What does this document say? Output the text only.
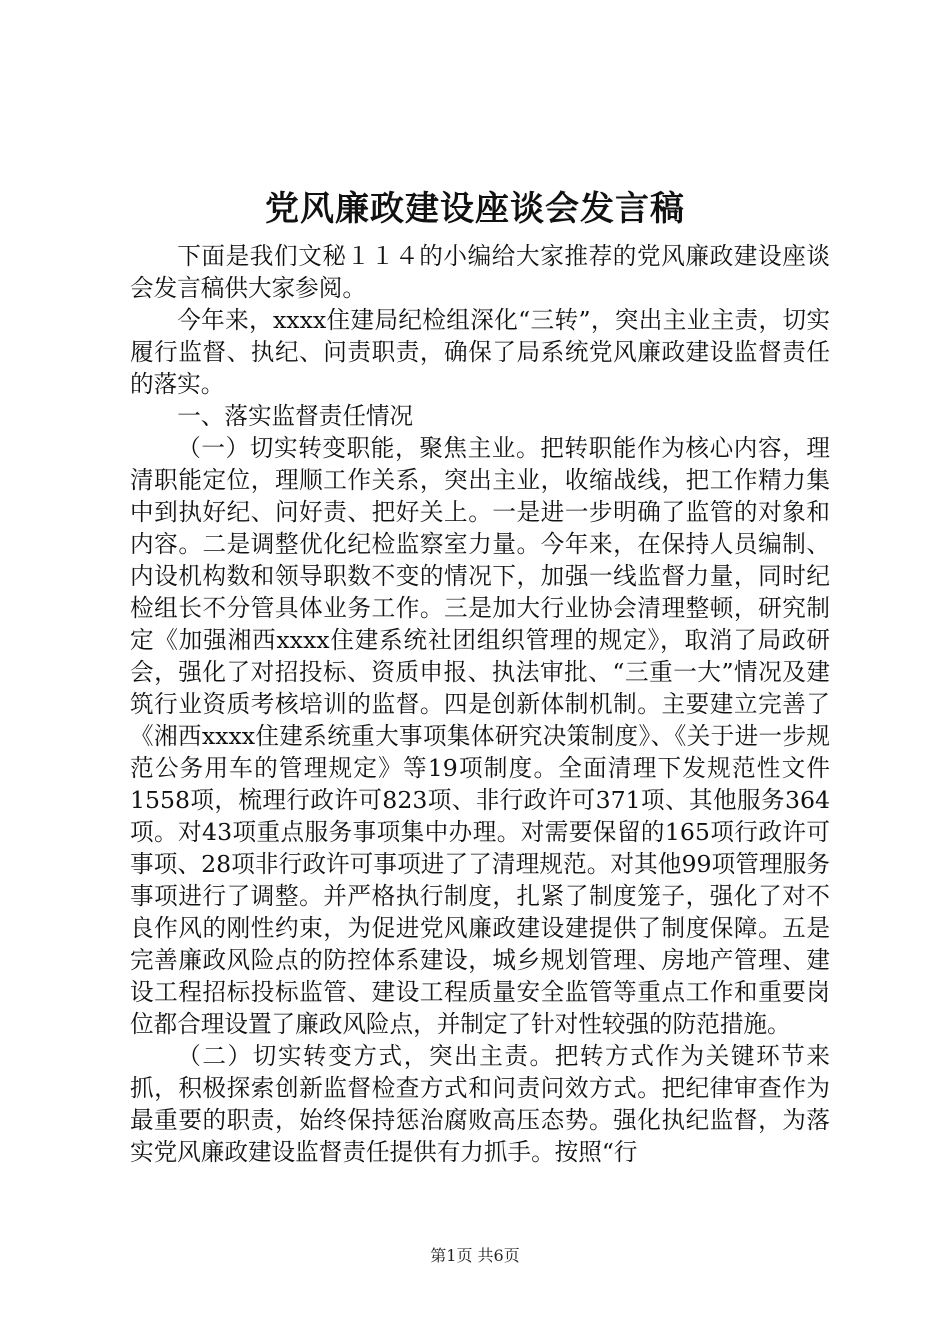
党风廉政建设座谈会发言稿

下面是我们文秘１１４的小编给大家推荐的党风廉政建设座谈会发言稿供大家参阅。

今年来，xxxx住建局纪检组深化“三转”，突出主业主责，切实履行监督、执纪、问责职责，确保了局系统党风廉政建设监督责任的落实。

一、落实监督责任情况

（一）切实转变职能，聚焦主业。把转职能作为核心内容，理清职能定位，理顺工作关系，突出主业，收缩战线，把工作精力集中到执好纪、问好责、把好关上。一是进一步明确了监管的对象和内容。二是调整优化纪检监察室力量。今年来，在保持人员编制、内设机构数和领导职数不变的情况下，加强一线监督力量，同时纪检组长不分管具体业务工作。三是加大行业协会清理整顿，研究制定《加强湘西xxxx住建系统社团组织管理的规定》，取消了局政研会，强化了对招投标、资质申报、执法审批、“三重一大”情况及建筑行业资质考核培训的监督。四是创新体制机制。主要建立完善了《湘西xxxx住建系统重大事项集体研究决策制度》、《关于进一步规范公务用车的管理规定》等19项制度。全面清理下发规范性文件1558项，梳理行政许可823项、非行政许可371项、其他服务364项。对43项重点服务事项集中办理。对需要保留的165项行政许可事项、28项非行政许可事项进了了清理规范。对其他99项管理服务事项进行了调整。并严格执行制度，扎紧了制度笼子，强化了对不良作风的刚性约束，为促进党风廉政建设建提供了制度保障。五是完善廉政风险点的防控体系建设，城乡规划管理、房地产管理、建设工程招标投标监管、建设工程质量安全监管等重点工作和重要岗位都合理设置了廉政风险点，并制定了针对性较强的防范措施。

（二）切实转变方式，突出主责。把转方式作为关键环节来抓，积极探索创新监督检查方式和问责问效方式。把纪律审查作为最重要的职责，始终保持惩治腐败高压态势。强化执纪监督，为落实党风廉政建设监督责任提供有力抓手。按照“行

第1页 共6页
